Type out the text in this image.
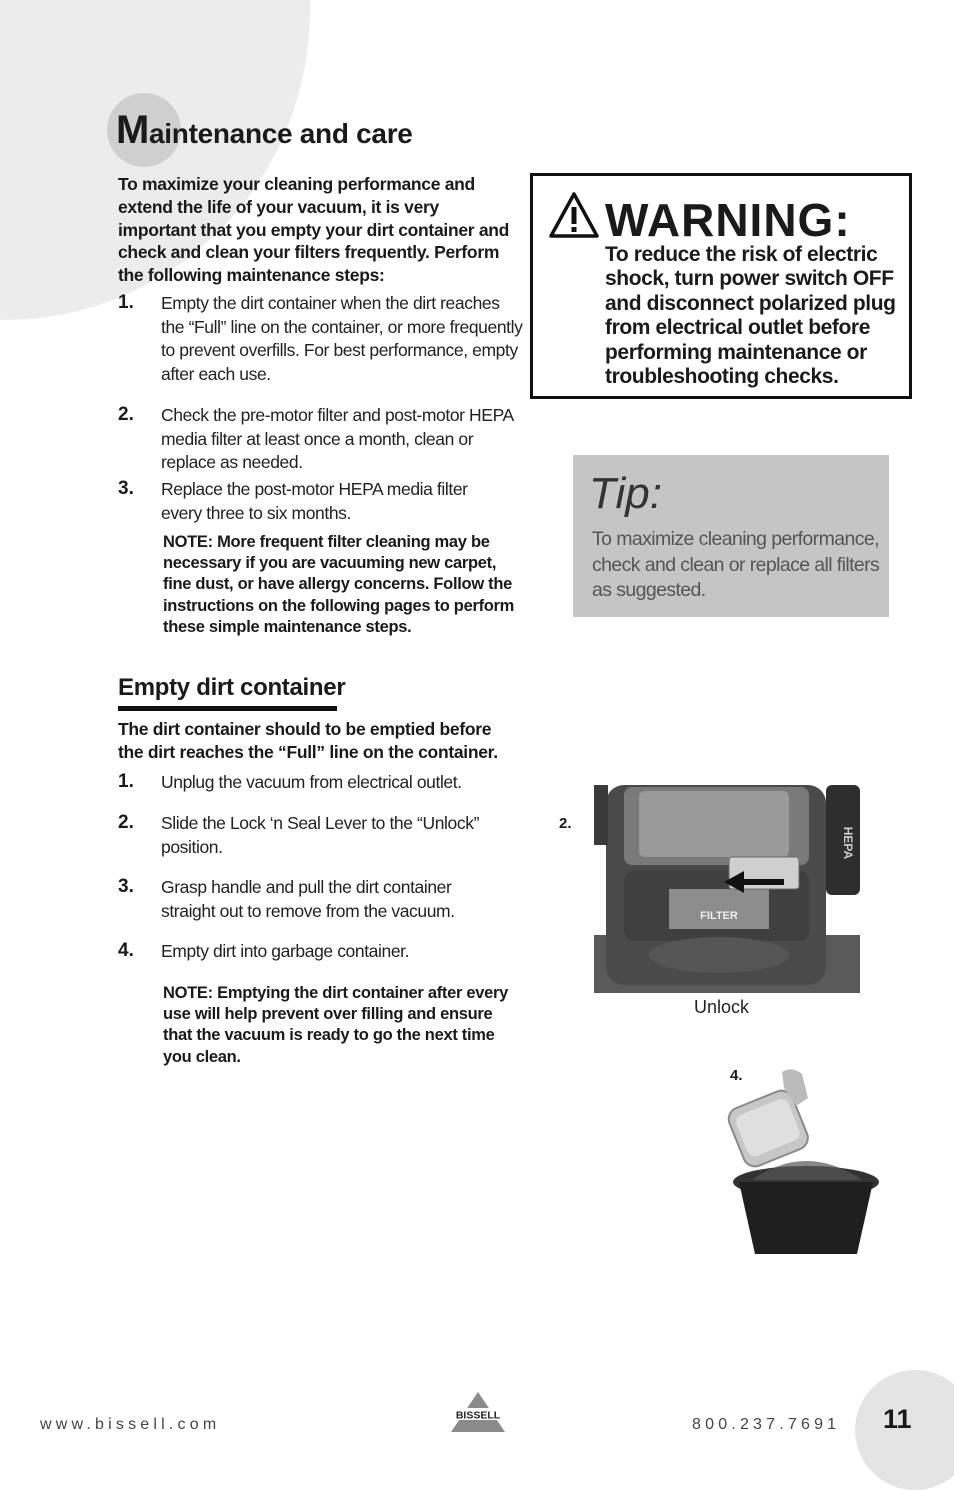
Maintenance and care
To maximize your cleaning performance and extend the life of your vacuum, it is very important that you empty your dirt container and check and clean your filters frequently. Perform the following maintenance steps:
1. Empty the dirt container when the dirt reaches the “Full” line on the container, or more frequently to prevent overfills. For best performance, empty after each use.
2. Check the pre-motor filter and post-motor HEPA media filter at least once a month, clean or replace as needed.
3. Replace the post-motor HEPA media filter every three to six months.
NOTE: More frequent filter cleaning may be necessary if you are vacuuming new carpet, fine dust, or have allergy concerns. Follow the instructions on the following pages to perform these simple maintenance steps.
Empty dirt container
The dirt container should to be emptied before the dirt reaches the “Full” line on the container.
1. Unplug the vacuum from electrical outlet.
2. Slide the Lock ‘n Seal Lever to the “Unlock” position.
3. Grasp handle and pull the dirt container straight out to remove from the vacuum.
4. Empty dirt into garbage container.
NOTE: Emptying the dirt container after every use will help prevent over filling and ensure that the vacuum is ready to go the next time you clean.
WARNING:
To reduce the risk of electric shock, turn power switch OFF and disconnect polarized plug from electrical outlet before performing maintenance or troubleshooting checks.
Tip:
To maximize cleaning performance, check and clean or replace all filters as suggested.
2.
FILTER
HEPA
Unlock
4.
www.bissell.com
BISSELL
800.237.7691 11
